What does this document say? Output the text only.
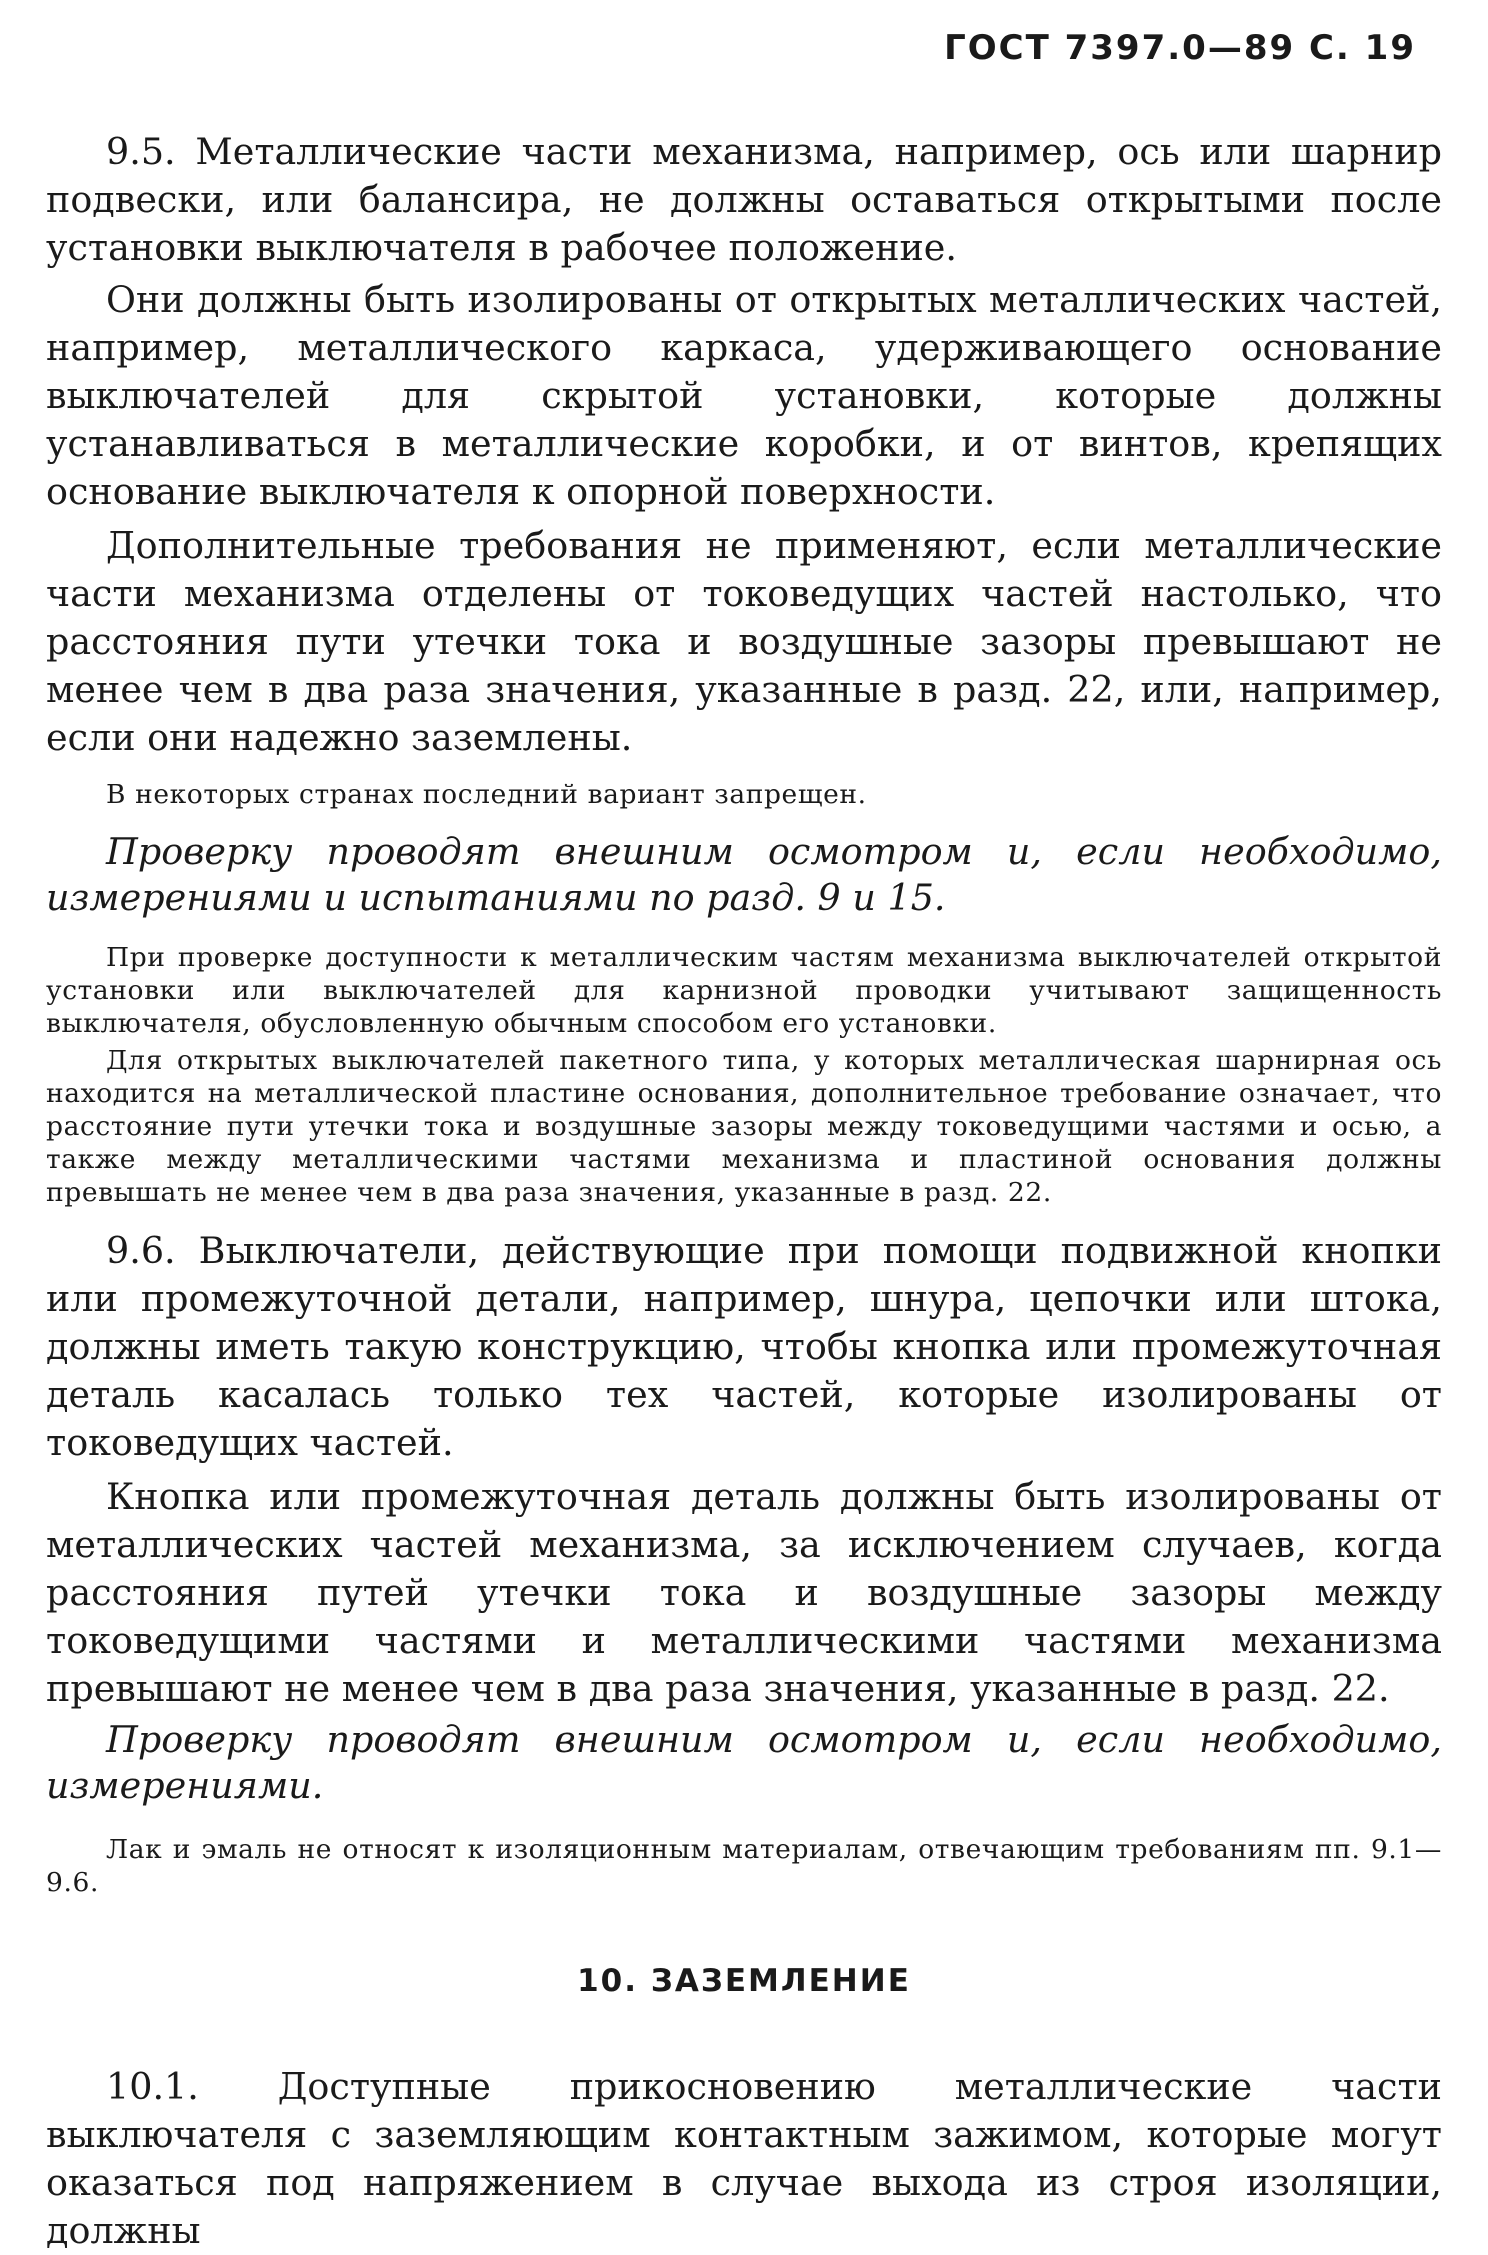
ГОСТ 7397.0—89 С. 19

9.5. Металлические части механизма, например, ось или шарнир подвески, или балансира, не должны оставаться открытыми после установки выключателя в рабочее положение.

Они должны быть изолированы от открытых металлических частей, например, металлического каркаса, удерживающего основание выключателей для скрытой установки, которые должны устанавливаться в металлические коробки, и от винтов, крепящих основание выключателя к опорной поверхности.

Дополнительные требования не применяют, если металлические части механизма отделены от токоведущих частей настолько, что расстояния пути утечки тока и воздушные зазоры превышают не менее чем в два раза значения, указанные в разд. 22, или, например, если они надежно заземлены.

В некоторых странах последний вариант запрещен.

Проверку проводят внешним осмотром и, если необходимо, измерениями и испытаниями по разд. 9 и 15.

При проверке доступности к металлическим частям механизма выключателей открытой установки или выключателей для карнизной проводки учитывают защищенность выключателя, обусловленную обычным способом его установки.

Для открытых выключателей пакетного типа, у которых металлическая шарнирная ось находится на металлической пластине основания, дополнительное требование означает, что расстояние пути утечки тока и воздушные зазоры между токоведущими частями и осью, а также между металлическими частями механизма и пластиной основания должны превышать не менее чем в два раза значения, указанные в разд. 22.

9.6. Выключатели, действующие при помощи подвижной кнопки или промежуточной детали, например, шнура, цепочки или штока, должны иметь такую конструкцию, чтобы кнопка или промежуточная деталь касалась только тех частей, которые изолированы от токоведущих частей.

Кнопка или промежуточная деталь должны быть изолированы от металлических частей механизма, за исключением случаев, когда расстояния путей утечки тока и воздушные зазоры между токоведущими частями и металлическими частями механизма превышают не менее чем в два раза значения, указанные в разд. 22.

Проверку проводят внешним осмотром и, если необходимо, измерениями.

Лак и эмаль не относят к изоляционным материалам, отвечающим требованиям пп. 9.1—9.6.

10. ЗАЗЕМЛЕНИЕ

10.1. Доступные прикосновению металлические части выключателя с заземляющим контактным зажимом, которые могут оказаться под напряжением в случае выхода из строя изоляции, должны
